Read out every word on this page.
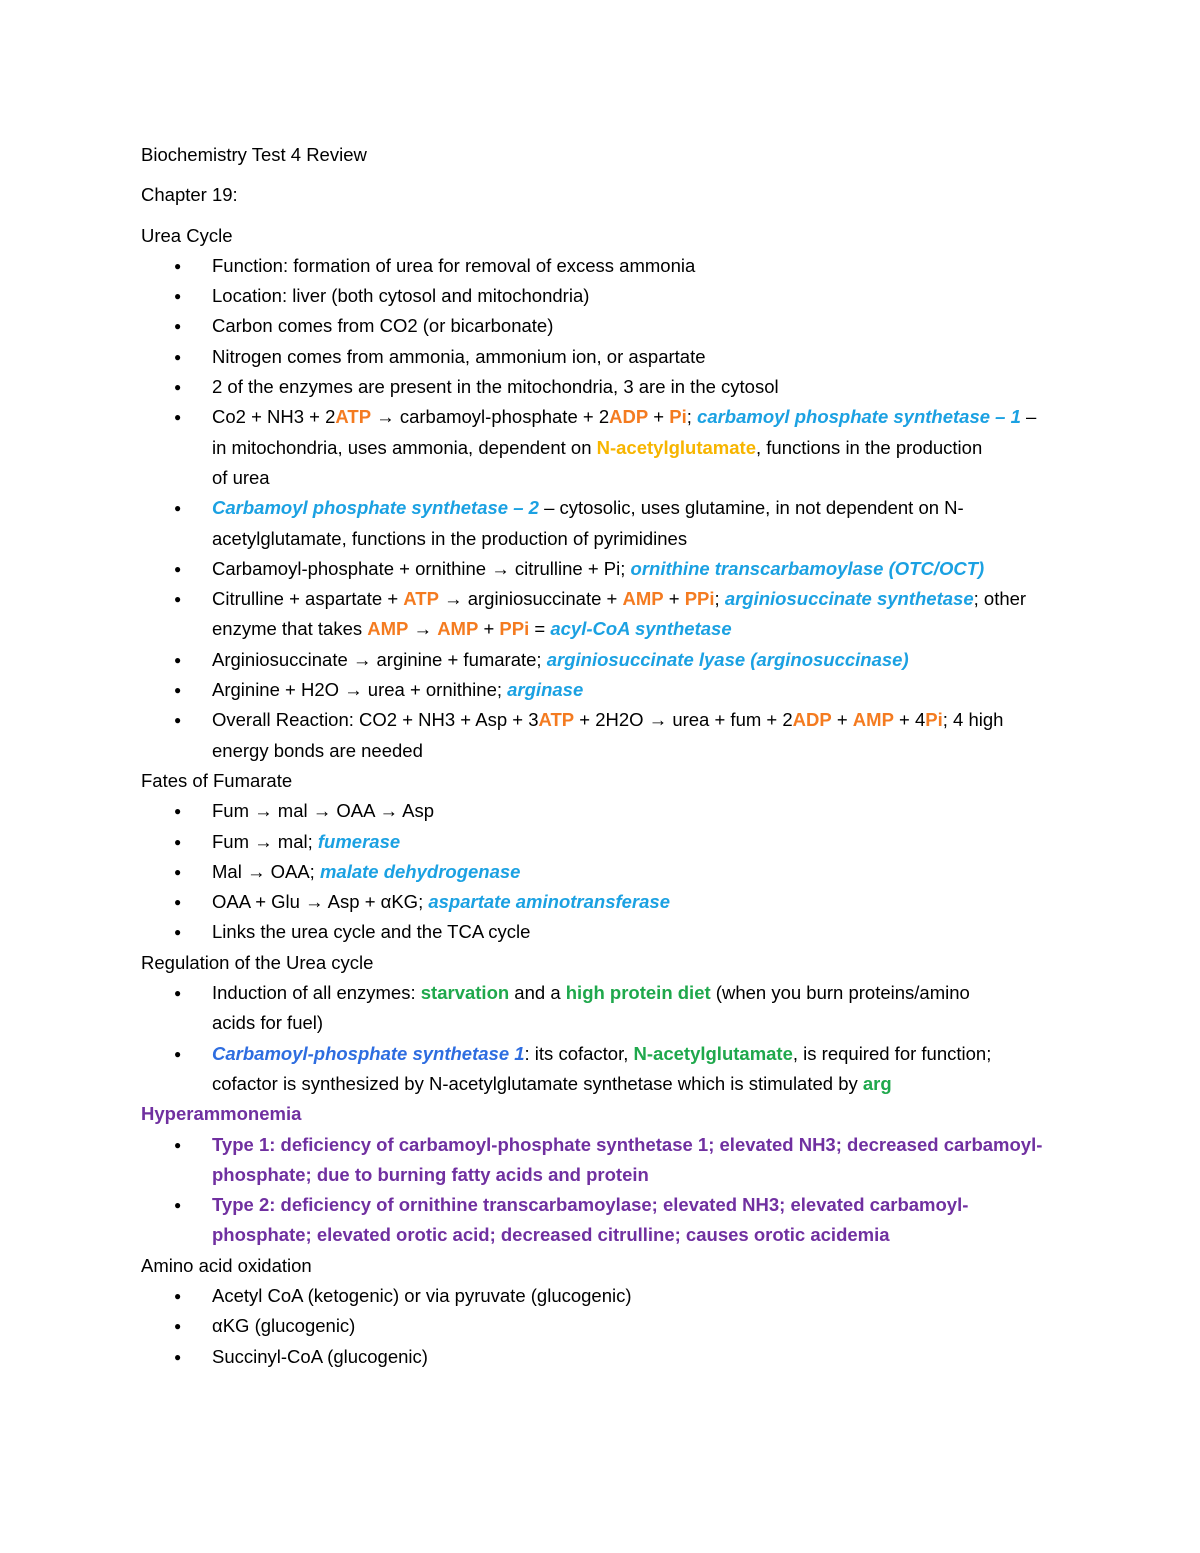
Biochemistry Test 4 Review
Chapter 19:
Urea Cycle
● Function: formation of urea for removal of excess ammonia
● Location: liver (both cytosol and mitochondria)
● Carbon comes from CO2 (or bicarbonate)
● Nitrogen comes from ammonia, ammonium ion, or aspartate
● 2 of the enzymes are present in the mitochondria, 3 are in the cytosol
● Co2 + NH3 + 2ATP → carbamoyl-phosphate + 2ADP + Pi; carbamoyl phosphate synthetase – 1 –
in mitochondria, uses ammonia, dependent on N-acetylglutamate, functions in the production
of urea
● Carbamoyl phosphate synthetase – 2 – cytosolic, uses glutamine, in not dependent on N-
acetylglutamate, functions in the production of pyrimidines
● Carbamoyl-phosphate + ornithine → citrulline + Pi; ornithine transcarbamoylase (OTC/OCT)
● Citrulline + aspartate + ATP → arginiosuccinate + AMP + PPi; arginiosuccinate synthetase; other
enzyme that takes AMP → AMP + PPi = acyl-CoA synthetase
● Arginiosuccinate → arginine + fumarate; arginiosuccinate lyase (arginosuccinase)
● Arginine + H2O → urea + ornithine; arginase
● Overall Reaction: CO2 + NH3 + Asp + 3ATP + 2H2O → urea + fum + 2ADP + AMP + 4Pi; 4 high
energy bonds are needed
Fates of Fumarate
● Fum → mal → OAA → Asp
● Fum → mal; fumerase
● Mal → OAA; malate dehydrogenase
● OAA + Glu → Asp + αKG; aspartate aminotransferase
● Links the urea cycle and the TCA cycle
Regulation of the Urea cycle
● Induction of all enzymes: starvation and a high protein diet (when you burn proteins/amino
acids for fuel)
● Carbamoyl-phosphate synthetase 1: its cofactor, N-acetylglutamate, is required for function;
cofactor is synthesized by N-acetylglutamate synthetase which is stimulated by arg
Hyperammonemia
● Type 1: deficiency of carbamoyl-phosphate synthetase 1; elevated NH3; decreased carbamoyl-
phosphate; due to burning fatty acids and protein
● Type 2: deficiency of ornithine transcarbamoylase; elevated NH3; elevated carbamoyl-
phosphate; elevated orotic acid; decreased citrulline; causes orotic acidemia
Amino acid oxidation
● Acetyl CoA (ketogenic) or via pyruvate (glucogenic)
● αKG (glucogenic)
● Succinyl-CoA (glucogenic)
